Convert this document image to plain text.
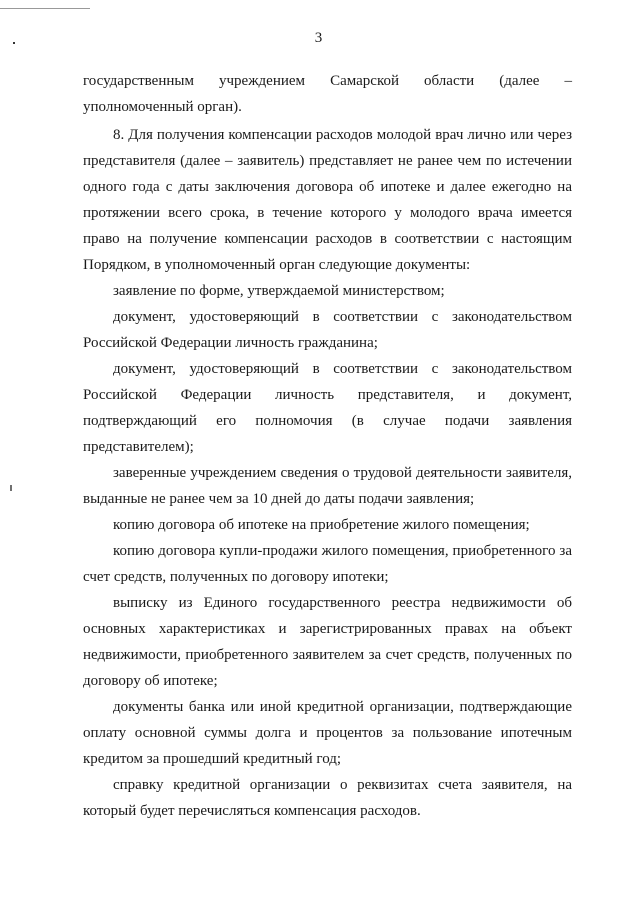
3

государственным учреждением Самарской области (далее – уполномоченный орган).

8. Для получения компенсации расходов молодой врач лично или через представителя (далее – заявитель) представляет не ранее чем по истечении одного года с даты заключения договора об ипотеке и далее ежегодно на протяжении всего срока, в течение которого у молодого врача имеется право на получение компенсации расходов в соответствии с настоящим Порядком, в уполномоченный орган следующие документы:

заявление по форме, утверждаемой министерством;

документ, удостоверяющий в соответствии с законодательством Российской Федерации личность гражданина;

документ, удостоверяющий в соответствии с законодательством Российской Федерации личность представителя, и документ, подтверждающий его полномочия (в случае подачи заявления представителем);

заверенные учреждением сведения о трудовой деятельности заявителя, выданные не ранее чем за 10 дней до даты подачи заявления;

копию договора об ипотеке на приобретение жилого помещения;

копию договора купли-продажи жилого помещения, приобретенного за счет средств, полученных по договору ипотеки;

выписку из Единого государственного реестра недвижимости об основных характеристиках и зарегистрированных правах на объект недвижимости, приобретенного заявителем за счет средств, полученных по договору об ипотеке;

документы банка или иной кредитной организации, подтверждающие оплату основной суммы долга и процентов за пользование ипотечным кредитом за прошедший кредитный год;

справку кредитной организации о реквизитах счета заявителя, на который будет перечисляться компенсация расходов.
